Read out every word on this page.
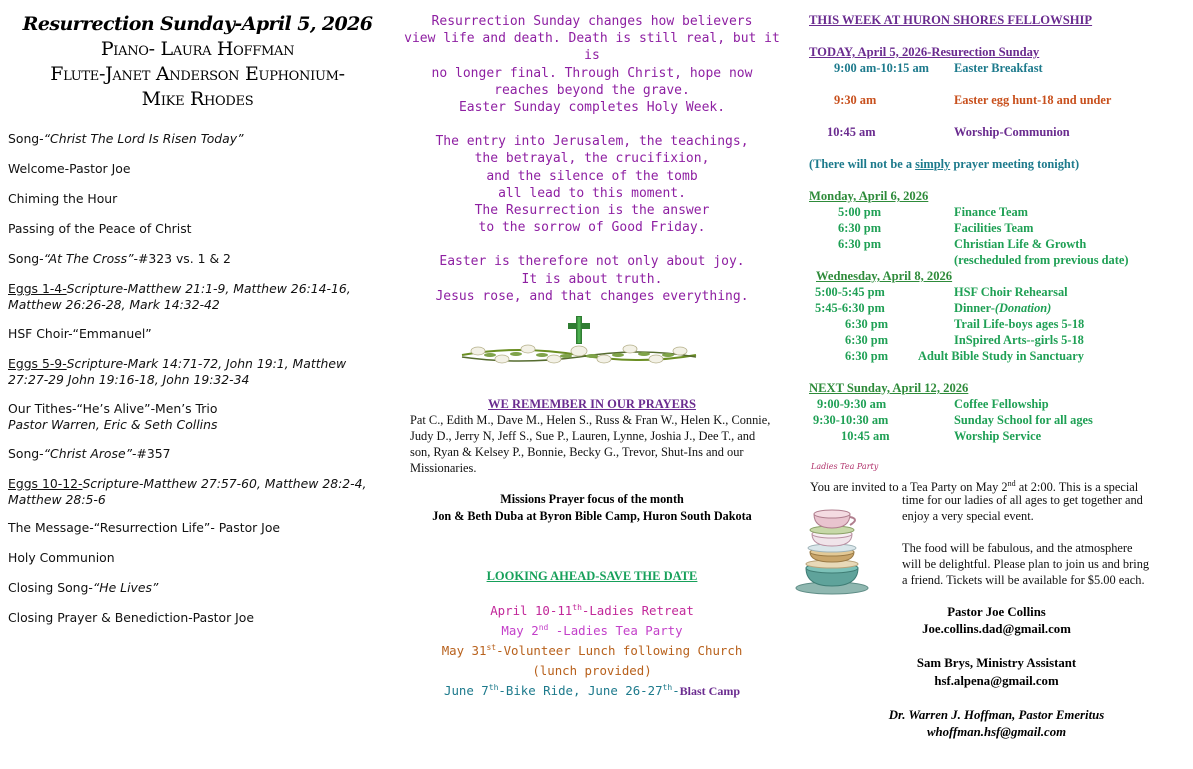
Resurrection Sunday-April 5, 2026
Piano- Laura Hoffman
Flute-Janet Anderson Euphonium-
Mike Rhodes
Song-“Christ The Lord Is Risen Today”
Welcome-Pastor Joe
Chiming the Hour
Passing of the Peace of Christ
Song-“At The Cross”-#323 vs. 1 & 2
Eggs 1-4-Scripture-Matthew 21:1-9, Matthew 26:14-16, Matthew 26:26-28, Mark 14:32-42
HSF Choir-“Emmanuel”
Eggs 5-9-Scripture-Mark 14:71-72, John 19:1, Matthew 27:27-29 John 19:16-18, John 19:32-34
Our Tithes-“He’s Alive”-Men’s Trio
Pastor Warren, Eric & Seth Collins
Song-“Christ Arose”-#357
Eggs 10-12-Scripture-Matthew 27:57-60, Matthew 28:2-4, Matthew 28:5-6
The Message-“Resurrection Life”- Pastor Joe
Holy Communion
Closing Song-“He Lives”
Closing Prayer & Benediction-Pastor Joe
Resurrection Sunday changes how believers
view life and death. Death is still real, but it is
no longer final. Through Christ, hope now
reaches beyond the grave.
Easter Sunday completes Holy Week.
The entry into Jerusalem, the teachings,
the betrayal, the crucifixion,
and the silence of the tomb
all lead to this moment.
The Resurrection is the answer
to the sorrow of Good Friday.
Easter is therefore not only about joy.
It is about truth.
Jesus rose, and that changes everything.
WE REMEMBER IN OUR PRAYERS
Pat C., Edith M., Dave M., Helen S., Russ & Fran W., Helen K., Connie, Judy D., Jerry N, Jeff S., Sue P., Lauren, Lynne, Joshia J., Dee T., and son, Ryan & Kelsey P., Bonnie, Becky G., Trevor, Shut-Ins and our Missionaries.
Missions Prayer focus of the month
Jon & Beth Duba at Byron Bible Camp, Huron South Dakota
LOOKING AHEAD-SAVE THE DATE
April 10-11th-Ladies Retreat
May 2nd -Ladies Tea Party
May 31st-Volunteer Lunch following Church (lunch provided)
June 7th-Bike Ride, June 26-27th-Blast Camp
THIS WEEK AT HURON SHORES FELLOWSHIP
TODAY, April 5, 2026-Resurection Sunday
9:00 am-10:15 am Easter Breakfast
9:30 am	Easter egg hunt-18 and under
10:45 am	Worship-Communion
(There will not be a simply prayer meeting tonight)
Monday, April 6, 2026
5:00 pm	Finance Team
6:30 pm	Facilities Team
6:30 pm	Christian Life & Growth
(rescheduled from previous date)
Wednesday, April 8, 2026
5:00-5:45 pm	HSF Choir Rehearsal
5:45-6:30 pm	Dinner-(Donation)
6:30 pm	Trail Life-boys ages 5-18
6:30 pm	InSpired Arts--girls 5-18
6:30 pm Adult Bible Study in Sanctuary
NEXT Sunday, April 12, 2026
9:00-9:30 am	Coffee Fellowship
9:30-10:30 am	Sunday School for all ages
10:45 am	Worship Service
Ladies Tea Party
You are invited to a Tea Party on May 2nd at 2:00. This is a special
time for our ladies of all ages to get together and
enjoy a very special event.
The food will be fabulous, and the atmosphere
will be delightful. Please plan to join us and bring
a friend. Tickets will be available for $5.00 each.
Pastor Joe Collins
Joe.collins.dad@gmail.com
Sam Brys, Ministry Assistant
hsf.alpena@gmail.com
Dr. Warren J. Hoffman, Pastor Emeritus
whoffman.hsf@gmail.com
